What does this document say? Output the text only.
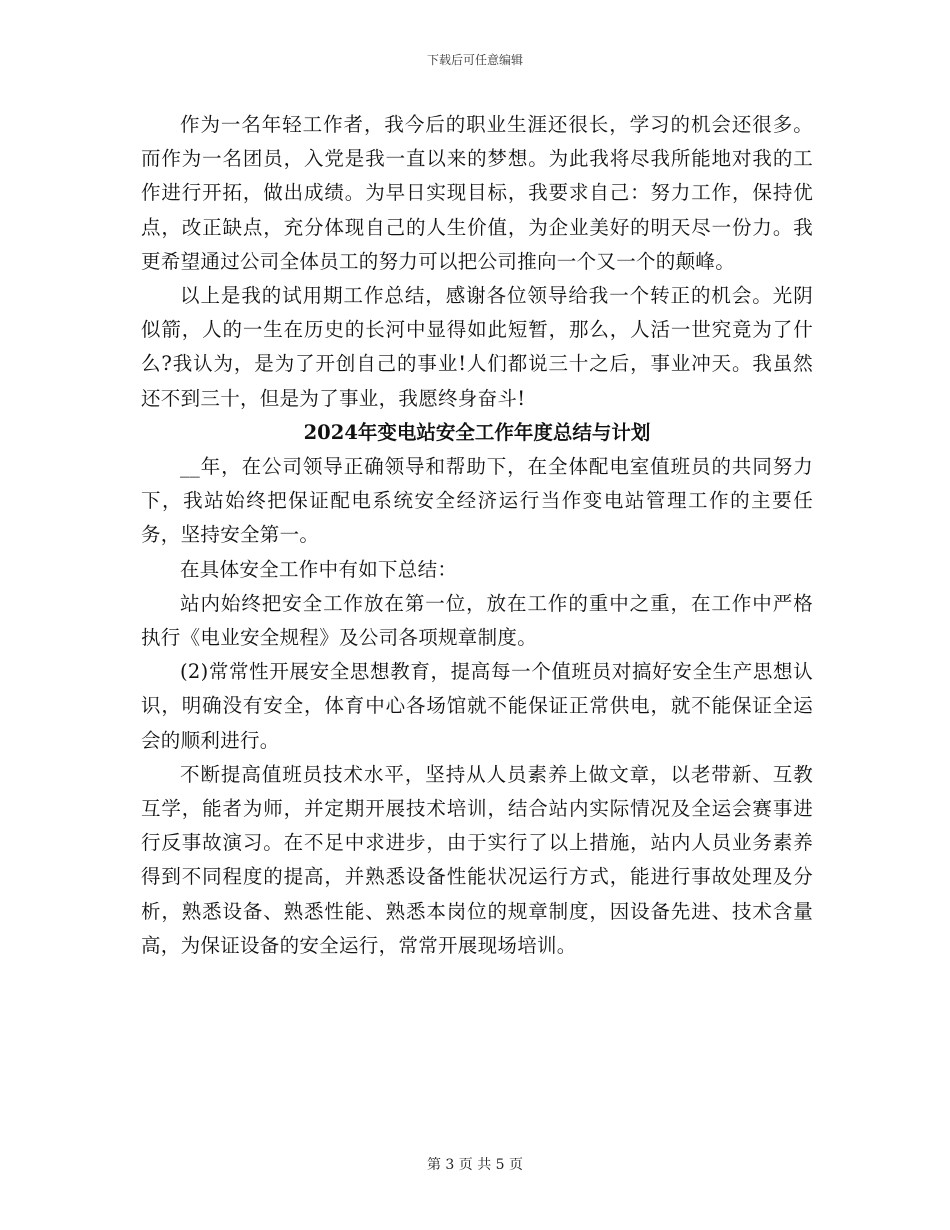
下载后可任意编辑

作为一名年轻工作者，我今后的职业生涯还很长，学习的机会还很多。而作为一名团员，入党是我一直以来的梦想。为此我将尽我所能地对我的工作进行开拓，做出成绩。为早日实现目标，我要求自己：努力工作，保持优点，改正缺点，充分体现自己的人生价值，为企业美好的明天尽一份力。我更希望通过公司全体员工的努力可以把公司推向一个又一个的颠峰。

以上是我的试用期工作总结，感谢各位领导给我一个转正的机会。光阴似箭，人的一生在历史的长河中显得如此短暂，那么，人活一世究竟为了什么?我认为，是为了开创自己的事业!人们都说三十之后，事业冲天。我虽然还不到三十，但是为了事业，我愿终身奋斗!

2024年变电站安全工作年度总结与计划

__年，在公司领导正确领导和帮助下，在全体配电室值班员的共同努力下，我站始终把保证配电系统安全经济运行当作变电站管理工作的主要任务，坚持安全第一。

在具体安全工作中有如下总结：

站内始终把安全工作放在第一位，放在工作的重中之重，在工作中严格执行《电业安全规程》及公司各项规章制度。

(2)常常性开展安全思想教育，提高每一个值班员对搞好安全生产思想认识，明确没有安全，体育中心各场馆就不能保证正常供电，就不能保证全运会的顺利进行。

不断提高值班员技术水平，坚持从人员素养上做文章，以老带新、互教互学，能者为师，并定期开展技术培训，结合站内实际情况及全运会赛事进行反事故演习。在不足中求进步，由于实行了以上措施，站内人员业务素养得到不同程度的提高，并熟悉设备性能状况运行方式，能进行事故处理及分析，熟悉设备、熟悉性能、熟悉本岗位的规章制度，因设备先进、技术含量高，为保证设备的安全运行，常常开展现场培训。

第 3 页 共 5 页
